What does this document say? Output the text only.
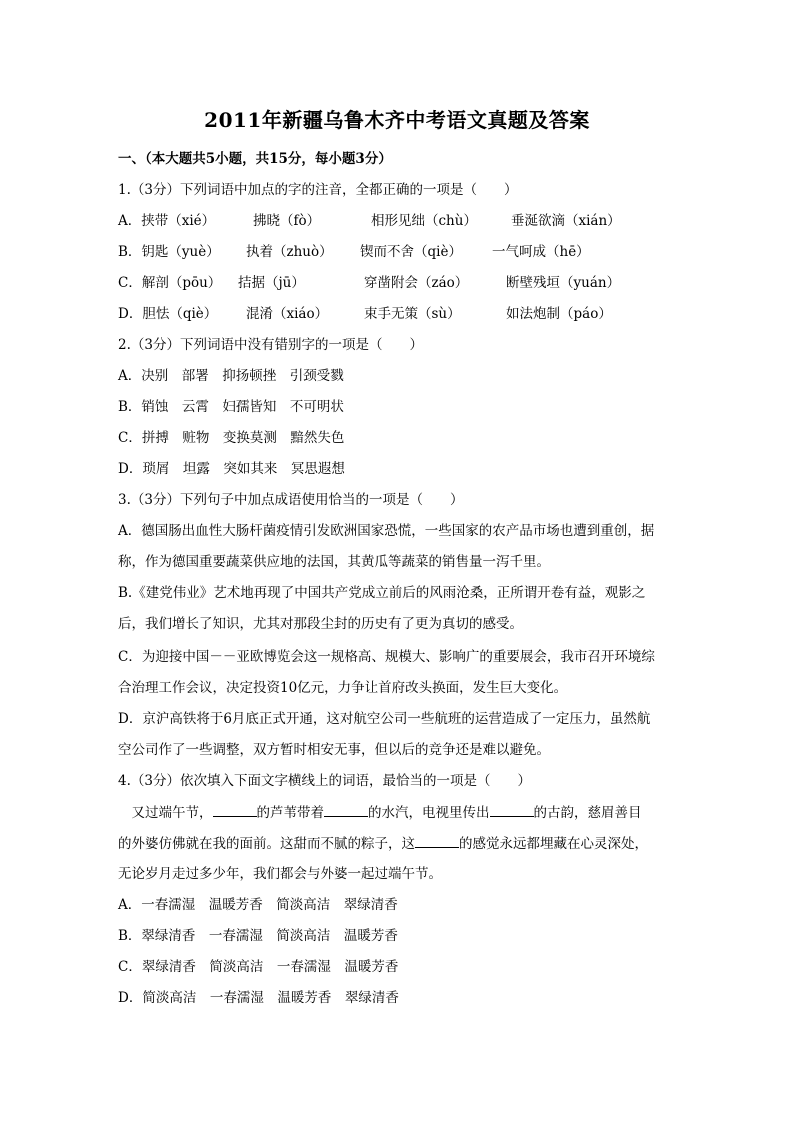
2011年新疆乌鲁木齐中考语文真题及答案
一、（本大题共5小题，共15分，每小题3分）
1.（3分）下列词语中加点的字的注音，全都正确的一项是（　　）
A．挟带（xié）	拂晓（fò）	相形见绌（chù）	垂涎欲滴（xián）
B．钥匙（yuè） 执着（zhuò） 锲而不舍（qiè） 一气呵成（hē）
C．解剖（pōu） 拮据（jū）	穿凿附会（záo）	断壁残垣（yuán）
D．胆怯（qiè） 混淆（xiáo）	束手无策（sù）	如法炮制（páo）
2.（3分）下列词语中没有错别字的一项是（　　）
A．决别　部署　抑扬顿挫　引颈受戮
B．销蚀　云霄　妇孺皆知　不可明状
C．拼搏　赃物　变换莫测　黯然失色
D．琐屑　坦露　突如其来　冥思遐想
3.（3分）下列句子中加点成语使用恰当的一项是（　　）
A．德国肠出血性大肠杆菌疫情引发欧洲国家恐慌，一些国家的农产品市场也遭到重创，据
称，作为德国重要蔬菜供应地的法国，其黄瓜等蔬菜的销售量一泻千里。
B.《建党伟业》艺术地再现了中国共产党成立前后的风雨沧桑，正所谓开卷有益，观影之
后，我们增长了知识，尤其对那段尘封的历史有了更为真切的感受。
C．为迎接中国－－亚欧博览会这一规格高、规模大、影响广的重要展会，我市召开环境综
合治理工作会议，决定投资10亿元，力争让首府改头换面，发生巨大变化。
D．京沪高铁将于6月底正式开通，这对航空公司一些航班的运营造成了一定压力，虽然航
空公司作了一些调整，双方暂时相安无事，但以后的竞争还是难以避免。
4.（3分）依次填入下面文字横线上的词语，最恰当的一项是（　　）
　又过端午节，	的芦苇带着	的水汽，电视里传出	的古韵，慈眉善目
的外婆仿佛就在我的面前。这甜而不腻的粽子，这	的感觉永远都埋藏在心灵深处，
无论岁月走过多少年，我们都会与外婆一起过端午节。
A．一春濡湿　温暖芳香　简淡高洁　翠绿清香
B．翠绿清香　一春濡湿　简淡高洁　温暖芳香
C．翠绿清香　简淡高洁　一春濡湿　温暖芳香
D．简淡高洁　一春濡湿　温暖芳香　翠绿清香
